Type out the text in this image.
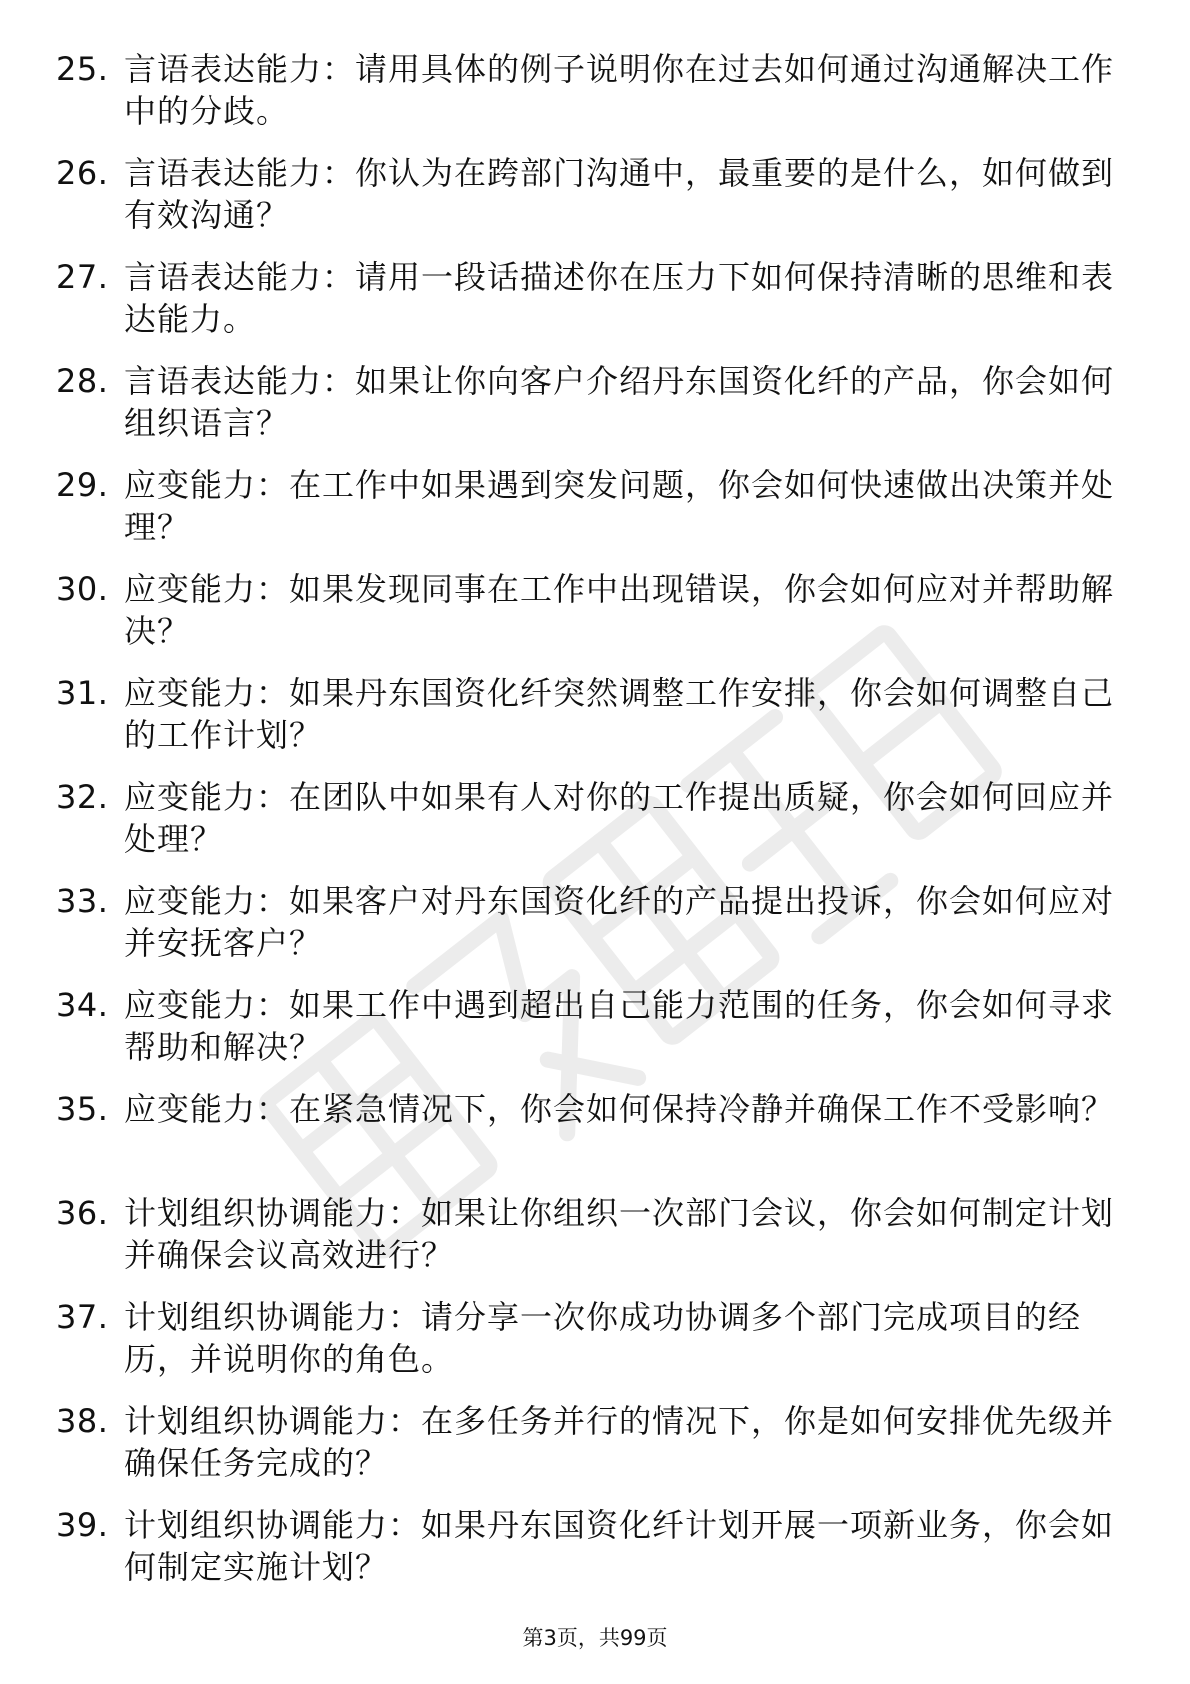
25. 言语表达能力：请用具体的例子说明你在过去如何通过沟通解决工作中的分歧。
26. 言语表达能力：你认为在跨部门沟通中，最重要的是什么，如何做到有效沟通？
27. 言语表达能力：请用一段话描述你在压力下如何保持清晰的思维和表达能力。
28. 言语表达能力：如果让你向客户介绍丹东国资化纤的产品，你会如何组织语言？
29. 应变能力：在工作中如果遇到突发问题，你会如何快速做出决策并处理？
30. 应变能力：如果发现同事在工作中出现错误，你会如何应对并帮助解决？
31. 应变能力：如果丹东国资化纤突然调整工作安排，你会如何调整自己的工作计划？
32. 应变能力：在团队中如果有人对你的工作提出质疑，你会如何回应并处理？
33. 应变能力：如果客户对丹东国资化纤的产品提出投诉，你会如何应对并安抚客户？
34. 应变能力：如果工作中遇到超出自己能力范围的任务，你会如何寻求帮助和解决？
35. 应变能力：在紧急情况下，你会如何保持冷静并确保工作不受影响？
36. 计划组织协调能力：如果让你组织一次部门会议，你会如何制定计划并确保会议高效进行？
37. 计划组织协调能力：请分享一次你成功协调多个部门完成项目的经历，并说明你的角色。
38. 计划组织协调能力：在多任务并行的情况下，你是如何安排优先级并确保任务完成的？
39. 计划组织协调能力：如果丹东国资化纤计划开展一项新业务，你会如何制定实施计划？
第3页，共99页
